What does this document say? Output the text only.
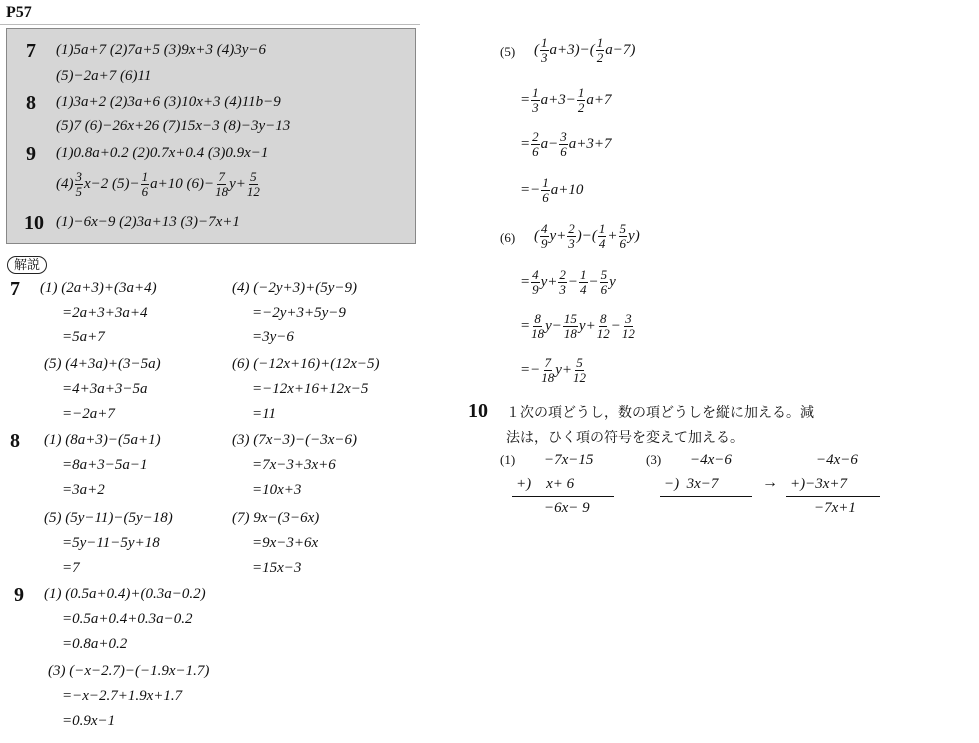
P57
7 (1)5a+7 (2)7a+5 (3)9x+3 (4)3y−6
(5)−2a+7 (6)11
8 (1)3a+2 (2)3a+6 (3)10x+3 (4)11b−9
(5)7 (6)−26x+26 (7)15x−3 (8)−3y−13
9 (1)0.8a+0.2 (2)0.7x+0.4 (3)0.9x−1
$(4) \frac{3}{5} x-2$ $(5)- \frac{1}{6} a+10$ $(6)- \frac{7}{18} y+ \frac{5}{12}$
10 (1)−6x−9 (2)3a+13 (3)−7x+1
解説
7 (1) (2a+3)+(3a+4)
=2a+3+3a+4
=5a+7
(4) (−2y+3)+(5y−9)
=−2y+3+5y−9
=3y−6
(5) (4+3a)+(3−5a)
=4+3a+3−5a
=−2a+7
(6) (−12x+16)+(12x−5)
=−12x+16+12x−5
=11
8 (1) (8a+3)−(5a+1)
=8a+3−5a−1
=3a+2
(3) (7x−3)−(−3x−6)
=7x−3+3x+6
=10x+3
(5) (5y−11)−(5y−18)
=5y−11−5y+18
=7
(7) 9x−(3−6x)
=9x−3+6x
=15x−3
9 (1) (0.5a+0.4)+(0.3a−0.2)
=0.5a+0.4+0.3a−0.2
=0.8a+0.2
(3) (−x−2.7)−(−1.9x−1.7)
=−x−2.7+1.9x+1.7
=0.9x−1
(5) ( $\frac{1}{3} a+3)-( \frac{1}{2} a-7)$
= $\frac{1}{3} a+3- \frac{1}{2} a+7$
= $\frac{2}{6} a- \frac{3}{6} a+3+7$
=− $\frac{1}{6} a+10$
(6) ( $\frac{4}{9} y+ \frac{2}{3}$ )−( $\frac{1}{4} + \frac{5}{6} y$)
= $\frac{4}{9} y+ \frac{2}{3} - \frac{1}{4} - \frac{5}{6}$ y
= $\frac{8}{18} y- \frac{15}{18} y+ \frac{8}{12} - \frac{3}{12}$
=− $\frac{7}{18} y+ \frac{5}{12}$
10 １次の項どうし，数の項どうしを縦に加える。減
法は，ひく項の符号を変えて加える。
(1) −7x−15
+)    x+ 6
−6x− 9
(3) −4x−6
−)  3x−7	→
−4x−6
+)−3x+7
−7x+1
